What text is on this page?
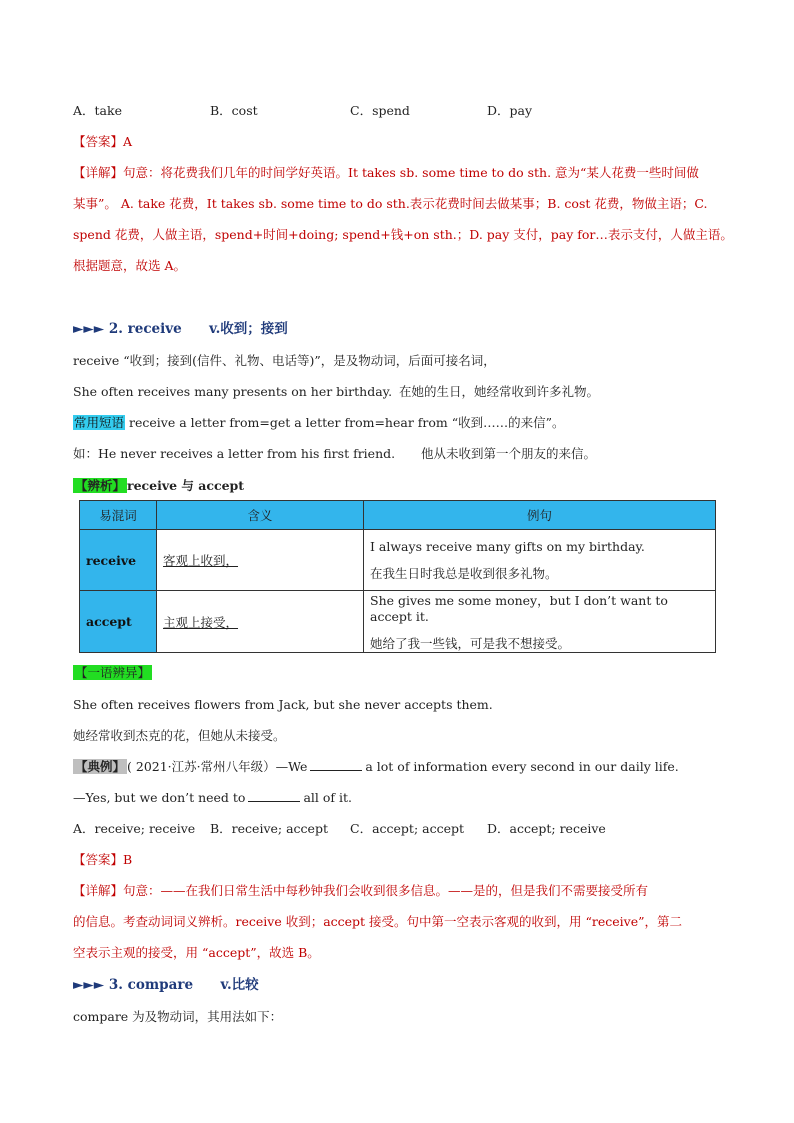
A．take	B．cost	C．spend	D．pay
【答案】A
【详解】句意：将花费我们几年的时间学好英语。It takes sb. some time to do sth. 意为“某人花费一些时间做
某事”。 A. take 花费，It takes sb. some time to do sth.表示花费时间去做某事；B. cost 花费，物做主语；C.
spend 花费，人做主语，spend+时间+doing; spend+钱+on sth.；D. pay 支付，pay for…表示支付，人做主语。
根据题意，故选 A。
►►► 2. receive v.收到；接到
receive “收到；接到(信件、礼物、电话等)”，是及物动词，后面可接名词，
She often receives many presents on her birthday. 在她的生日，她经常收到许多礼物。
常用短语 receive a letter from=get a letter from=hear from “收到……的来信”。
如：He never receives a letter from his first friend. 他从未收到第一个朋友的来信。
【辨析】 receive 与 accept
易混词	含义	例句
receive	客观上收到，	I always receive many gifts on my birthday.
在我生日时我总是收到很多礼物。
accept	主观上接受，	She gives me some money，but I don’t want to accept it.
她给了我一些钱，可是我不想接受。
【一语辨异】
She often receives flowers from Jack, but she never accepts them.
她经常收到杰克的花，但她从未接受。
【典例】 ( 2021·江苏·常州八年级）—We	a lot of information every second in our daily life.
—Yes, but we don’t need to	all of it.
A．receive; receive B．receive; accept C．accept; accept D．accept; receive
【答案】B
【详解】句意：——在我们日常生活中每秒钟我们会收到很多信息。——是的，但是我们不需要接受所有
的信息。考查动词词义辨析。receive 收到；accept 接受。句中第一空表示客观的收到，用 “receive”，第二
空表示主观的接受，用 “accept”，故选 B。
►►► 3. compare v.比较
compare 为及物动词，其用法如下：
